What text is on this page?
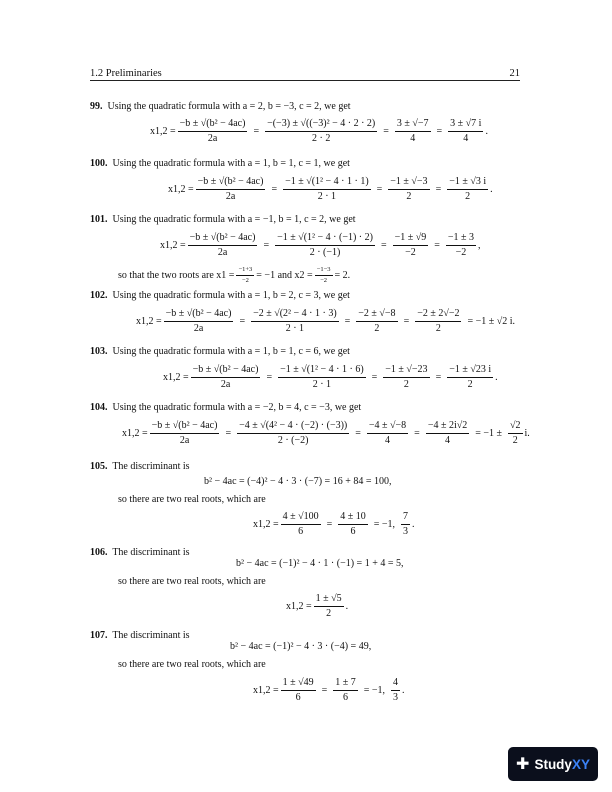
1.2 Preliminaries	21
99. Using the quadratic formula with a = 2, b = −3, c = 2, we get
$x1,2 = \frac{\text{−b ± √(b² − 4ac)}}{2a} = \frac{\text{−(−3) ± √((−3)² − 4 · 2 · 2)}}{2 \cdot 2} = \frac{3 \pm √-7}{4} = \frac{3 \pm √7 i}{4}$ .
100. Using the quadratic formula with a = 1, b = 1, c = 1, we get
$x1,2 = \frac{\text{−b ± √(b² − 4ac)}}{2a} = \frac{\text{−1 ± √(1² − 4 · 1 · 1)}}{2 \cdot 1} = \frac{-1 \pm √-3}{2} = \frac{-1 \pm √3 i}{2}$ .
101. Using the quadratic formula with a = −1, b = 1, c = 2, we get
$x1,2 = \frac{\text{−b ± √(b² − 4ac)}}{2a} = \frac{\text{−1 ± √(1² − 4 · (−1) · 2)}}{2 \cdot (-1)} = \frac{-1 \pm √9}{-2} = \frac{-1 \pm 3}{-2}$ ,
so that the two roots are $x1 = \frac{-1+3}{-2} = -1$ and $x2 = \frac{-1-3}{-2} = 2$.
102. Using the quadratic formula with a = 1, b = 2, c = 3, we get
$x1,2 = \frac{\text{−b ± √(b² − 4ac)}}{2a} = \frac{\text{−2 ± √(2² − 4 · 1 · 3)}}{2 \cdot 1} = \frac{-2 \pm √-8}{2} = \frac{-2 \pm 2√-2}{2} = -1 \pm √2$ i.
103. Using the quadratic formula with a = 1, b = 1, c = 6, we get
$x1,2 = \frac{\text{−b ± √(b² − 4ac)}}{2a} = \frac{\text{−1 ± √(1² − 4 · 1 · 6)}}{2 \cdot 1} = \frac{-1 \pm √-23}{2} = \frac{-1 \pm √23 i}{2}$ .
104. Using the quadratic formula with a = −2, b = 4, c = −3, we get
$x1,2 = \frac{\text{−b ± √(b² − 4ac)}}{2a} = \frac{\text{−4 ± √(4² − 4 · (−2) · (−3))}}{2 \cdot (-2)} = \frac{-4 \pm √-8}{4} = \frac{-4 \pm 2i√2}{4} = -1 \pm \frac{√2}{2} i$.
105. The discriminant is
b² − 4ac = (−4)² − 4 · 3 · (−7) = 16 + 84 = 100,
so there are two real roots, which are
$x1,2 = \frac{4 \pm √100}{6} = \frac{4 \pm 10}{6} = -1$, $\frac{7}{3}$ .
106. The discriminant is
b² − 4ac = (−1)² − 4 · 1 · (−1) = 1 + 4 = 5,
so there are two real roots, which are
$x1,2 = \frac{1 \pm √5}{2}$ .
107. The discriminant is
b² − 4ac = (−1)² − 4 · 3 · (−4) = 49,
so there are two real roots, which are
$x1,2 = \frac{1 \pm √49}{6} = \frac{1 \pm 7}{6} = -1$, $\frac{4}{3}$ .
✚ Study XY
